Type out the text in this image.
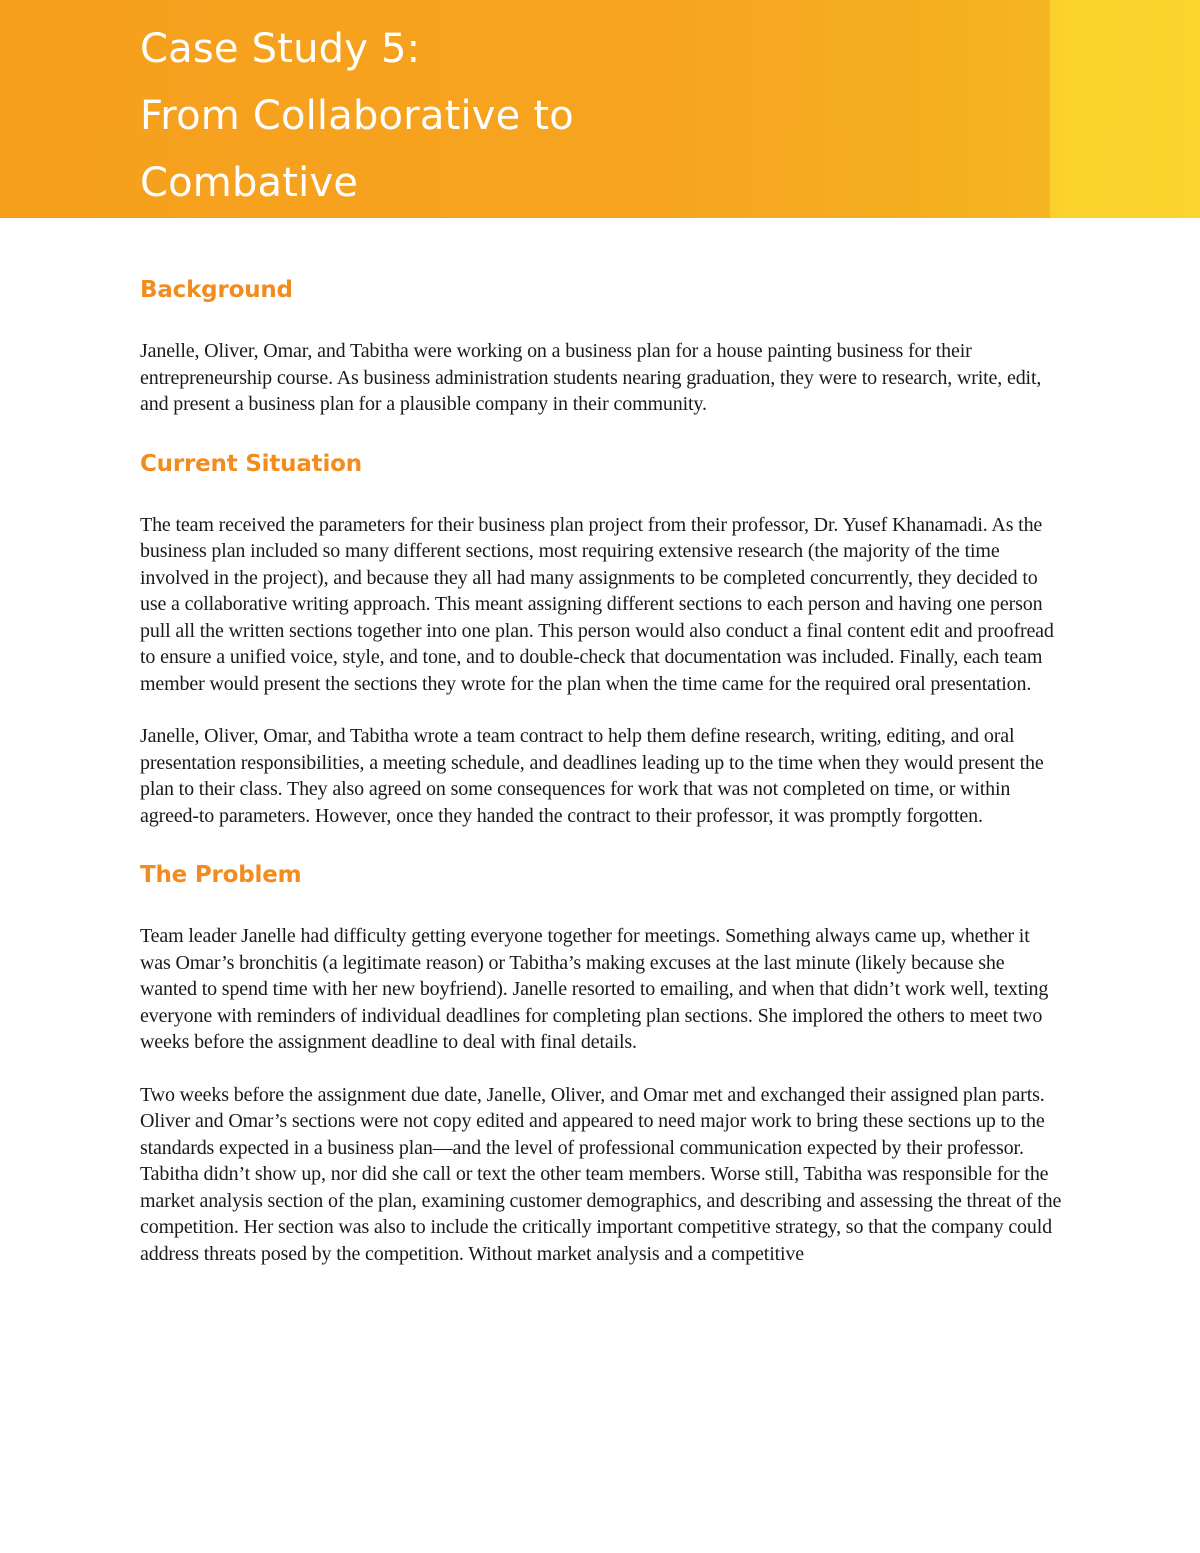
Case Study 5:
From Collaborative to
Combative
Background

Janelle, Oliver, Omar, and Tabitha were working on a business plan for a house painting business for their entrepreneurship course. As business administration students nearing graduation, they were to research, write, edit, and present a business plan for a plausible company in their community.

Current Situation

The team received the parameters for their business plan project from their professor, Dr. Yusef Khanamadi. As the business plan included so many different sections, most requiring extensive research (the majority of the time involved in the project), and because they all had many assignments to be completed concurrently, they decided to use a collaborative writing approach. This meant assigning different sections to each person and having one person pull all the written sections together into one plan. This person would also conduct a final content edit and proofread to ensure a unified voice, style, and tone, and to double-check that documentation was included. Finally, each team member would present the sections they wrote for the plan when the time came for the required oral presentation.

Janelle, Oliver, Omar, and Tabitha wrote a team contract to help them define research, writing, editing, and oral presentation responsibilities, a meeting schedule, and deadlines leading up to the time when they would present the plan to their class. They also agreed on some consequences for work that was not completed on time, or within agreed-to parameters. However, once they handed the contract to their professor, it was promptly forgotten.

The Problem

Team leader Janelle had difficulty getting everyone together for meetings. Something always came up, whether it was Omar’s bronchitis (a legitimate reason) or Tabitha’s making excuses at the last minute (likely because she wanted to spend time with her new boyfriend). Janelle resorted to emailing, and when that didn’t work well, texting everyone with reminders of individual deadlines for completing plan sections. She implored the others to meet two weeks before the assignment deadline to deal with final details.

Two weeks before the assignment due date, Janelle, Oliver, and Omar met and exchanged their assigned plan parts. Oliver and Omar’s sections were not copy edited and appeared to need major work to bring these sections up to the standards expected in a business plan—and the level of professional communication expected by their professor. Tabitha didn’t show up, nor did she call or text the other team members. Worse still, Tabitha was responsible for the market analysis section of the plan, examining customer demographics, and describing and assessing the threat of the competition. Her section was also to include the critically important competitive strategy, so that the company could address threats posed by the competition. Without market analysis and a competitive
